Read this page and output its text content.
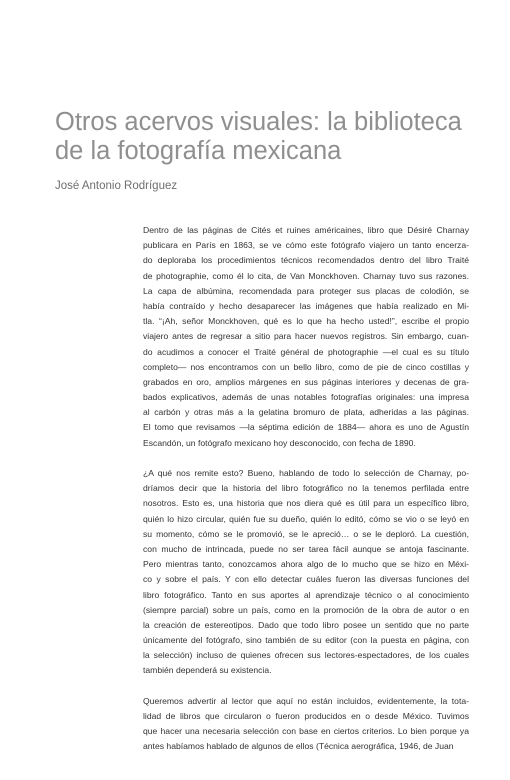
Otros acervos visuales: la biblioteca
de la fotografía mexicana
José Antonio Rodríguez

Dentro de las páginas de Cités et ruines américaines, libro que Désiré Charnay
publicara en París en 1863, se ve cómo este fotógrafo viajero un tanto encerza-
do deploraba los procedimientos técnicos recomendados dentro del libro Traité
de photographie, como él lo cita, de Van Monckhoven. Charnay tuvo sus razones.
La capa de albúmina, recomendada para proteger sus placas de colodión, se
había contraído y hecho desaparecer las imágenes que había realizado en Mi-
tla. “¡Ah, señor Monckhoven, qué es lo que ha hecho usted!”, escribe el propio
viajero antes de regresar a sitio para hacer nuevos registros. Sin embargo, cuan-
do acudimos a conocer el Traité général de photographie —el cual es su título
completo— nos encontramos con un bello libro, como de pie de cinco costillas y
grabados en oro, amplios márgenes en sus páginas interiores y decenas de gra-
bados explicativos, además de unas notables fotografías originales: una impresa
al carbón y otras más a la gelatina bromuro de plata, adheridas a las páginas.
El tomo que revisamos —la séptima edición de 1884— ahora es uno de Agustín
Escandón, un fotógrafo mexicano hoy desconocido, con fecha de 1890.

¿A qué nos remite esto? Bueno, hablando de todo lo selección de Charnay, po-
dríamos decir que la historia del libro fotográfico no la tenemos perfilada entre
nosotros. Esto es, una historia que nos diera qué es útil para un específico libro,
quién lo hizo circular, quién fue su dueño, quién lo editó, cómo se vio o se leyó en
su momento, cómo se le promovió, se le apreció… o se le deploró. La cuestión,
con mucho de intrincada, puede no ser tarea fácil aunque se antoja fascinante.
Pero mientras tanto, conozcamos ahora algo de lo mucho que se hizo en Méxi-
co y sobre el país. Y con ello detectar cuáles fueron las diversas funciones del
libro fotográfico. Tanto en sus aportes al aprendizaje técnico o al conocimiento
(siempre parcial) sobre un país, como en la promoción de la obra de autor o en
la creación de estereotipos. Dado que todo libro posee un sentido que no parte
únicamente del fotógrafo, sino también de su editor (con la puesta en página, con
la selección) incluso de quienes ofrecen sus lectores-espectadores, de los cuales
también dependerá su existencia.

Queremos advertir al lector que aquí no están incluidos, evidentemente, la tota-
lidad de libros que circularon o fueron producidos en o desde México. Tuvimos
que hacer una necesaria selección con base en ciertos criterios. Lo bien porque ya
antes habíamos hablado de algunos de ellos (Técnica aerográfica, 1946, de Juan
